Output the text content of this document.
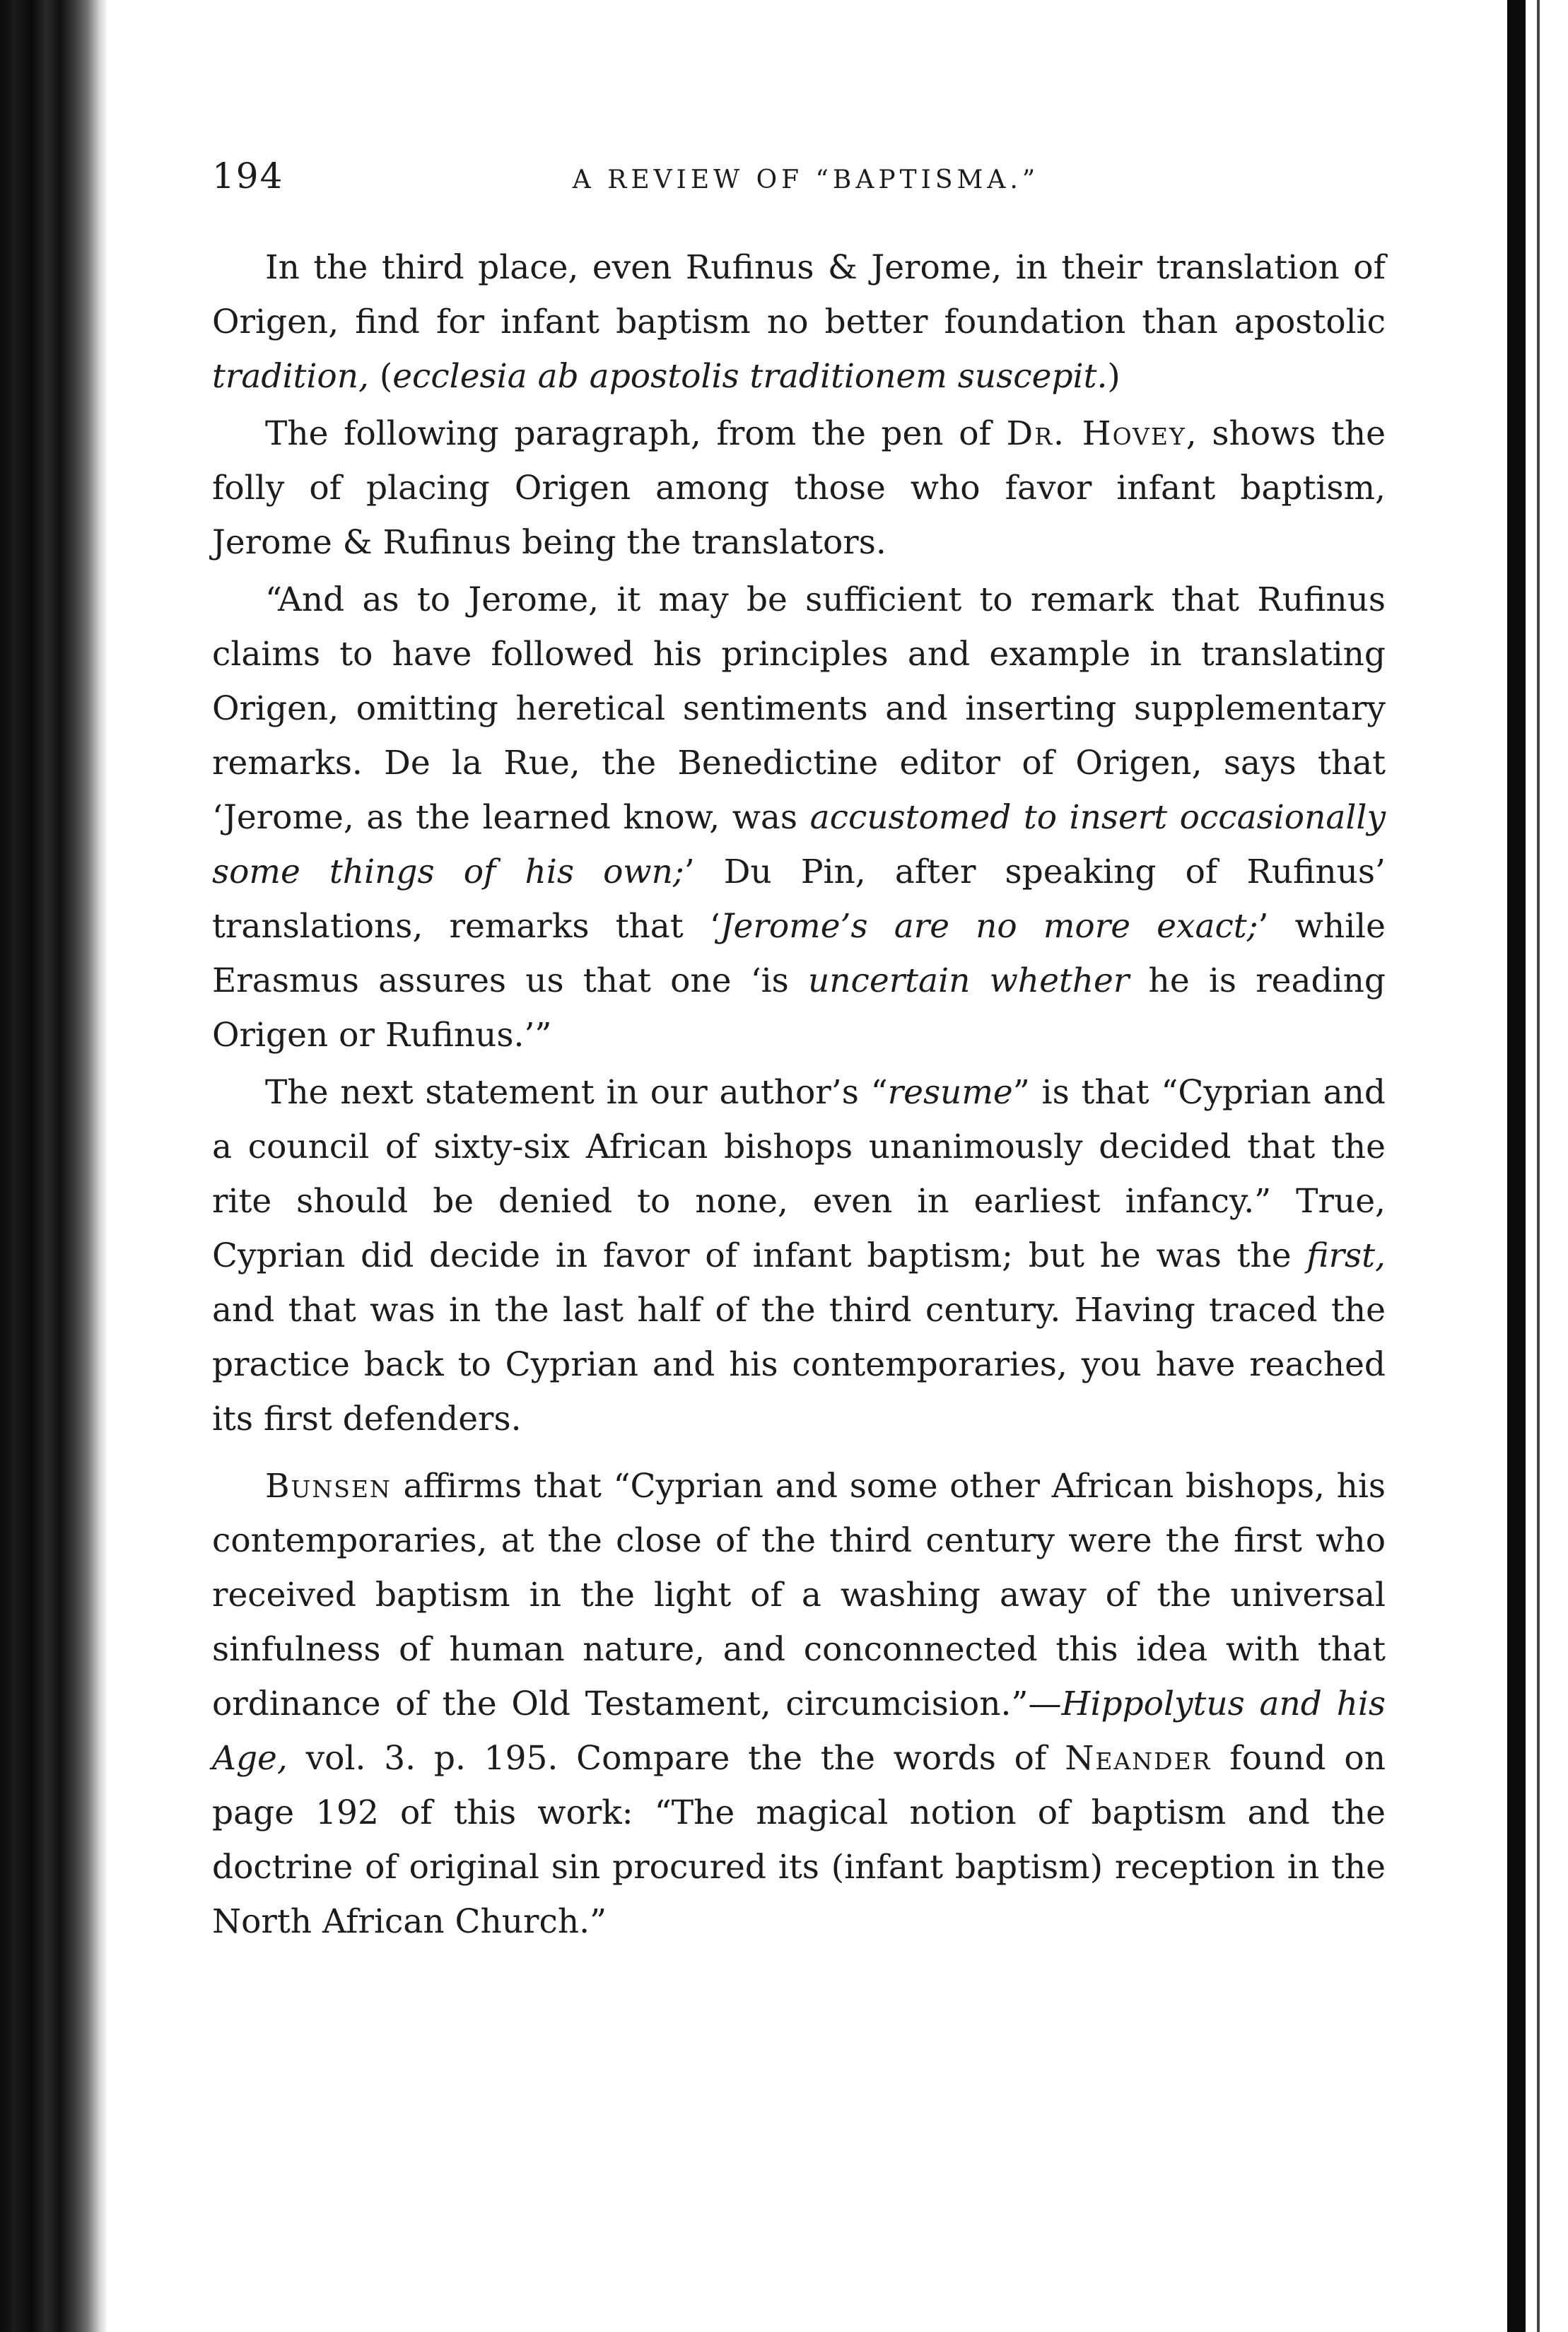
194	A REVIEW OF “BAPTISMA.”

In the third place, even Rufinus & Jerome, in their translation of Origen, find for infant baptism no better foundation than apostolic tradition, (ecclesia ab apostolis traditionem suscepit.)

The following paragraph, from the pen of Dr. Hovey, shows the folly of placing Origen among those who favor infant baptism, Jerome & Rufinus being the translators.

“And as to Jerome, it may be sufficient to remark that Rufinus claims to have followed his principles and example in translating Origen, omitting heretical sentiments and inserting supplementary remarks. De la Rue, the Benedictine editor of Origen, says that ‘Jerome, as the learned know, was accustomed to insert occasionally some things of his own;’ Du Pin, after speaking of Rufinus’ translations, remarks that ‘Jerome’s are no more exact;’ while Erasmus assures us that one ‘is uncertain whether he is reading Origen or Rufinus.’”

The next statement in our author’s “resume” is that “Cyprian and a council of sixty-six African bishops unanimously decided that the rite should be denied to none, even in earliest infancy.” True, Cyprian did decide in favor of infant baptism; but he was the first, and that was in the last half of the third century. Having traced the practice back to Cyprian and his contemporaries, you have reached its first defenders.

Bunsen affirms that “Cyprian and some other African bishops, his contemporaries, at the close of the third century were the first who received baptism in the light of a washing away of the universal sinfulness of human nature, and conconnected this idea with that ordinance of the Old Testament, circumcision.”—Hippolytus and his Age, vol. 3. p. 195. Compare the the words of Neander found on page 192 of this work: “The magical notion of baptism and the doctrine of original sin procured its (infant baptism) reception in the North African Church.”
